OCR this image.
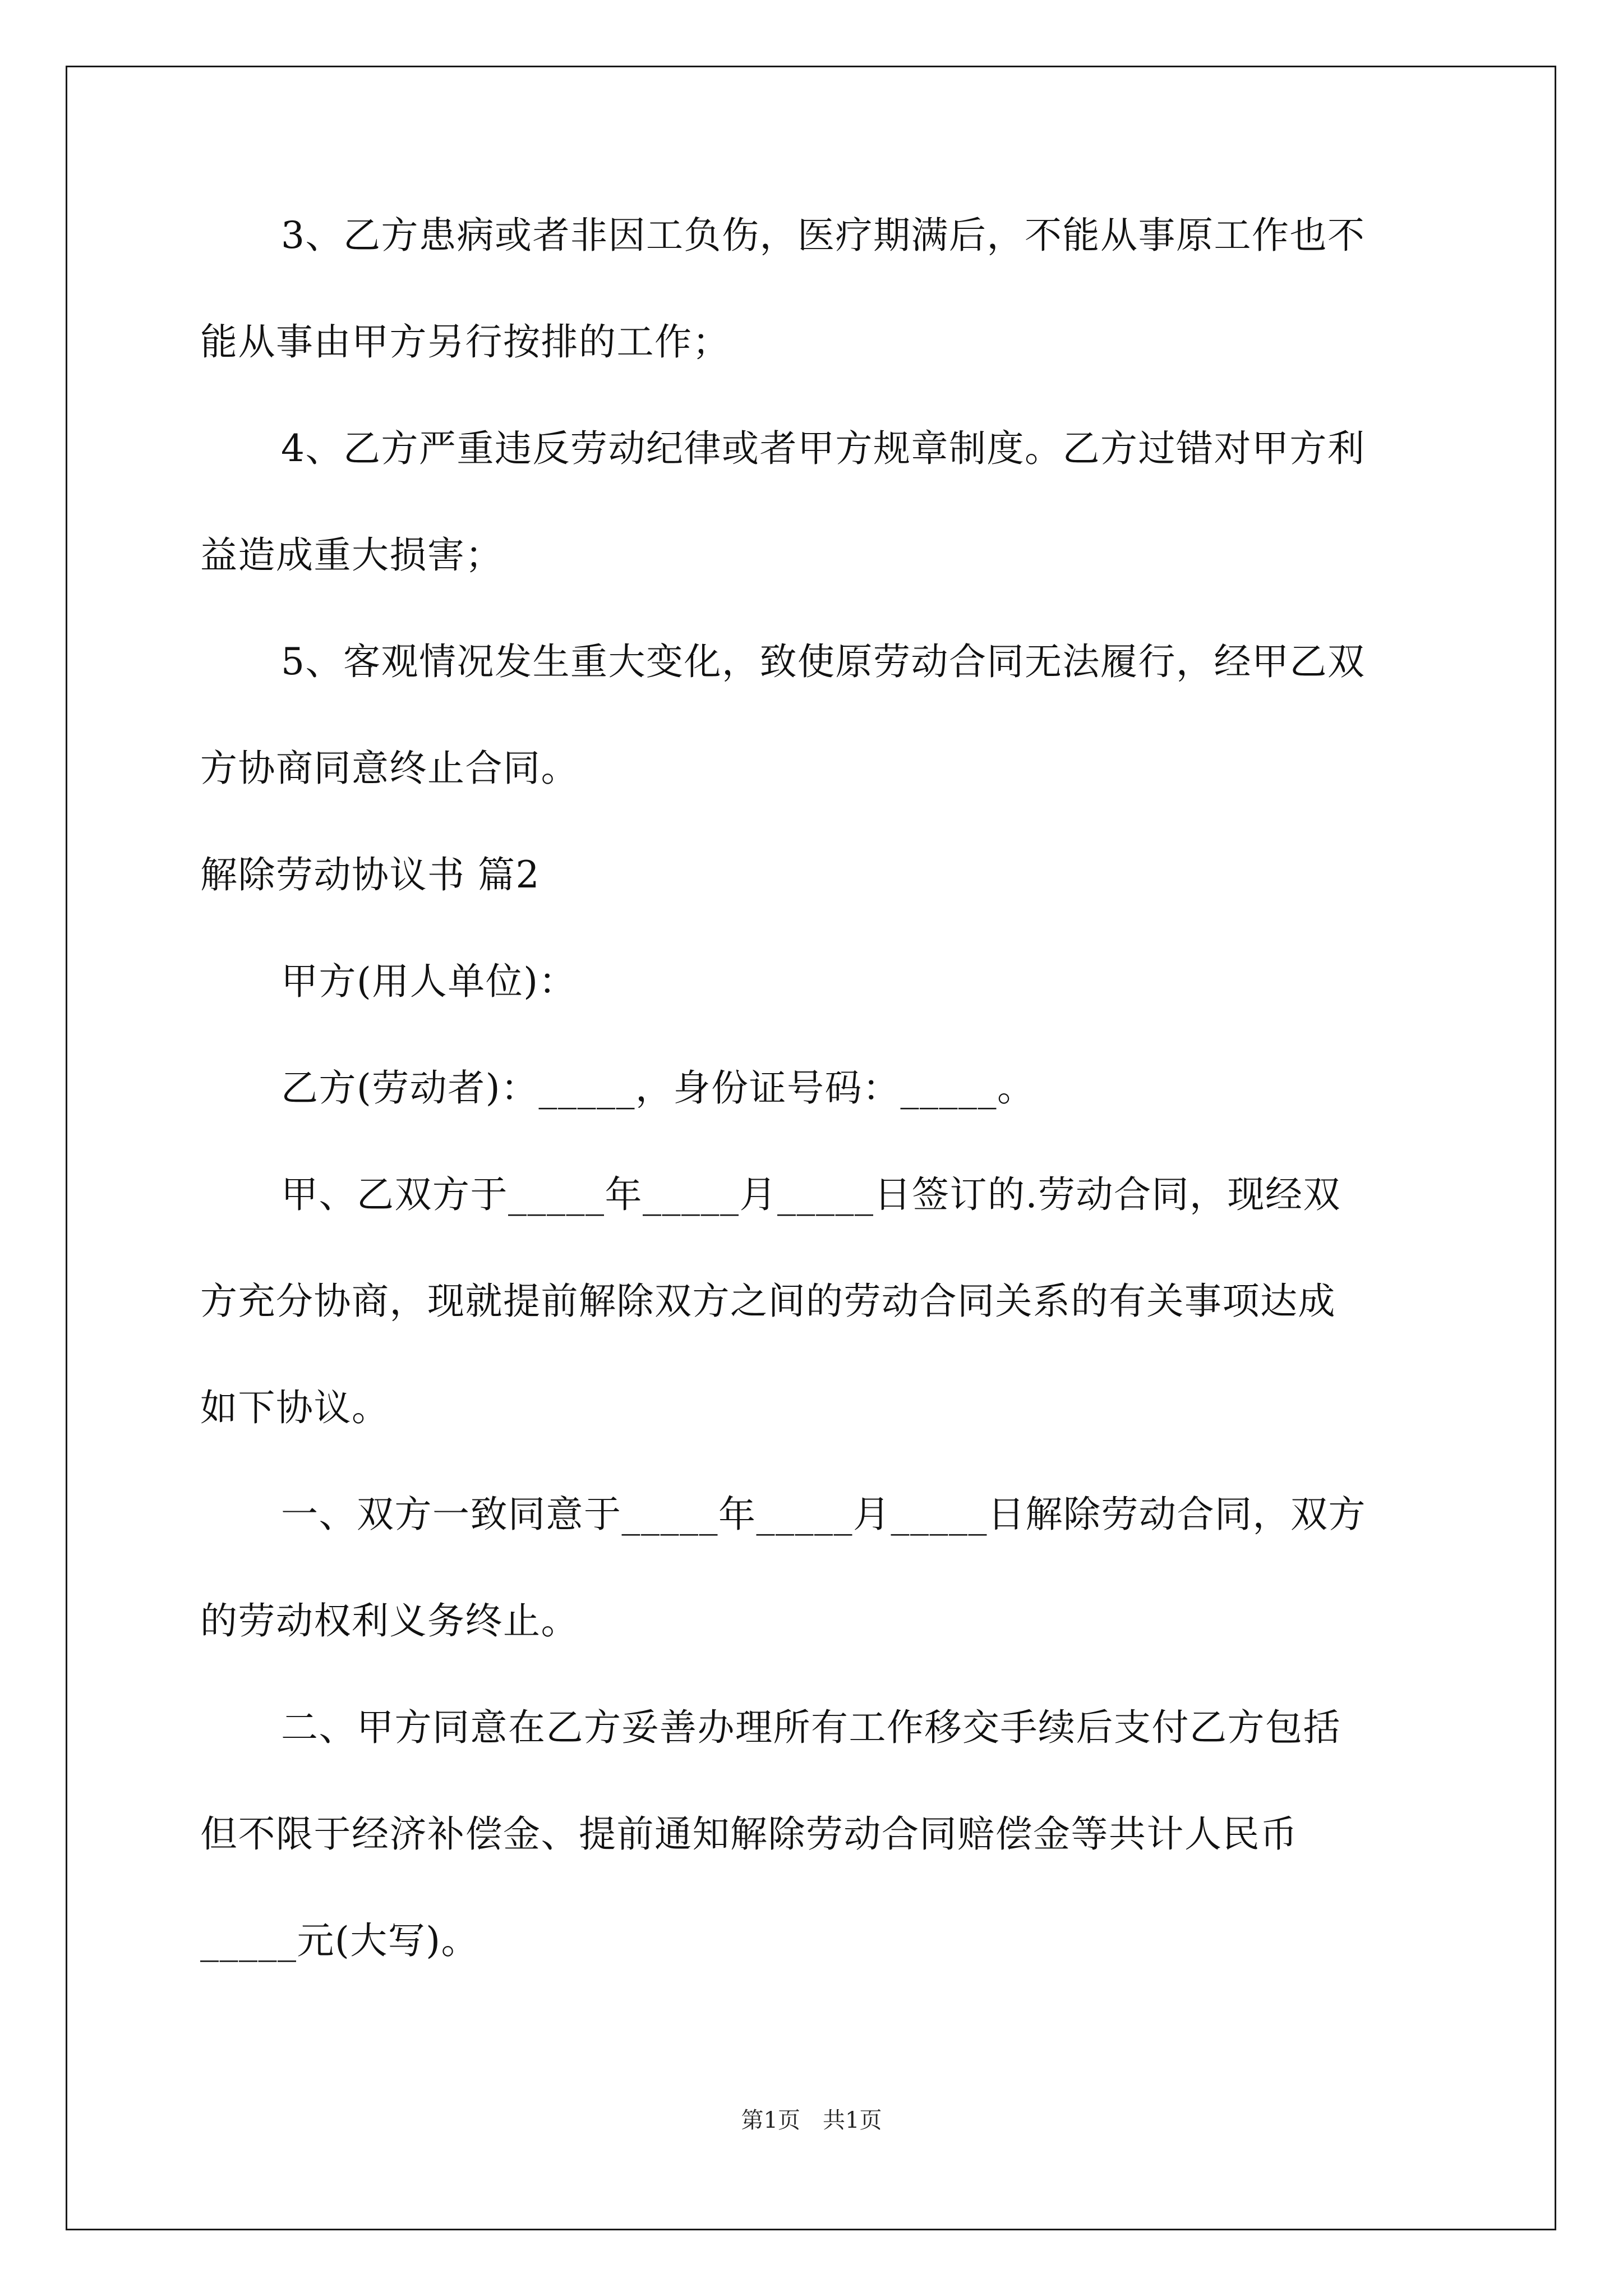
3、乙方患病或者非因工负伤，医疗期满后，不能从事原工作也不
能从事由甲方另行按排的工作；
4、乙方严重违反劳动纪律或者甲方规章制度。乙方过错对甲方利
益造成重大损害；
5、客观情况发生重大变化，致使原劳动合同无法履行，经甲乙双
方协商同意终止合同。
解除劳动协议书 篇2
甲方(用人单位)：
乙方(劳动者)：_____，身份证号码：_____。
甲、乙双方于_____年_____月_____日签订的.劳动合同，现经双
方充分协商，现就提前解除双方之间的劳动合同关系的有关事项达成
如下协议。
一、双方一致同意于_____年_____月_____日解除劳动合同，双方
的劳动权利义务终止。
二、甲方同意在乙方妥善办理所有工作移交手续后支付乙方包括
但不限于经济补偿金、提前通知解除劳动合同赔偿金等共计人民币
_____元(大写)。
第1页　共1页
